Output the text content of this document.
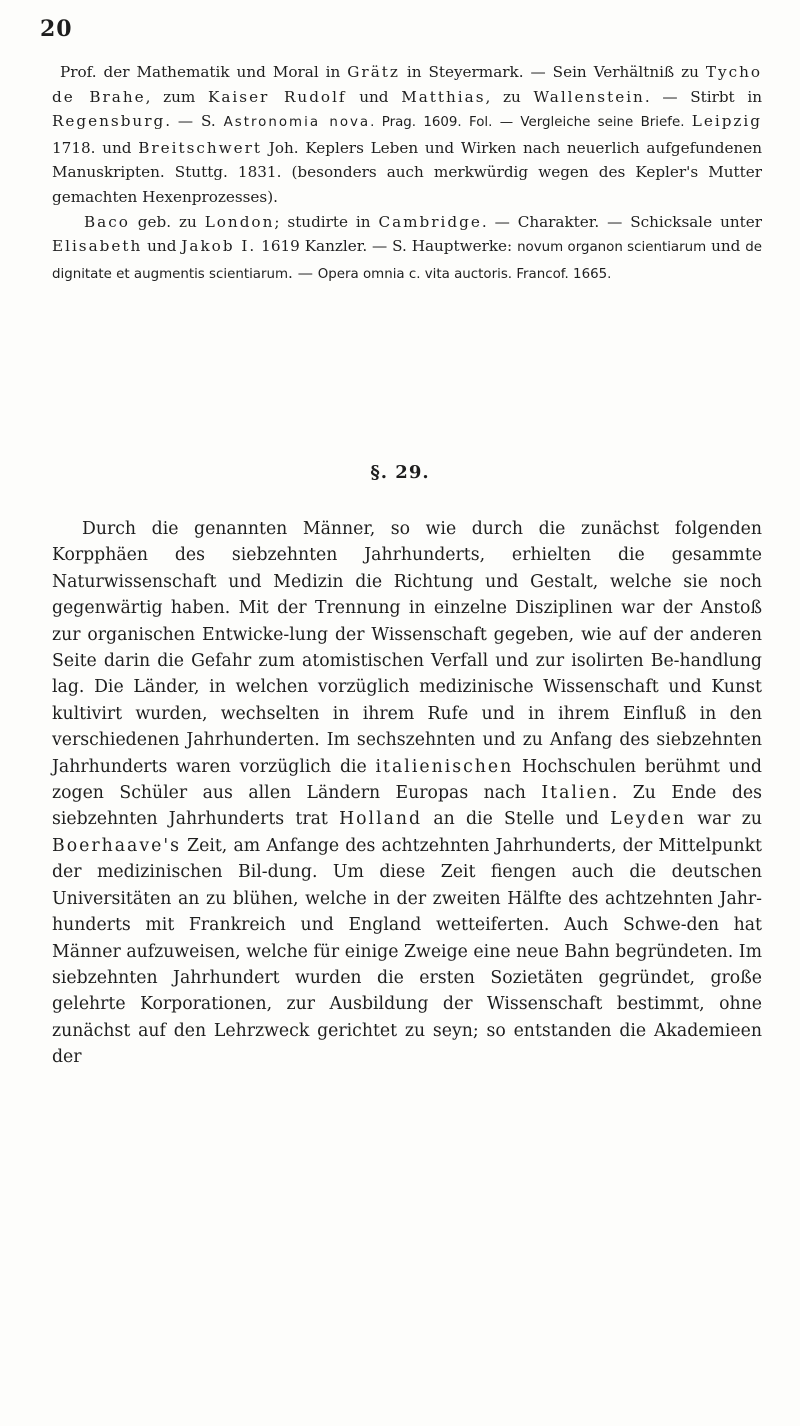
20

Prof. der Mathematik und Moral in Grätz in Steyermark. — Sein Verhältniß zu Tycho de Brahe, zum Kaiser Rudolf und Matthias, zu Wallenstein. — Stirbt in Regensburg. — S. Astronomia nova. Prag. 1609. Fol. — Vergleiche seine Briefe. Leipzig 1718. und Breitschwert Joh. Keplers Leben und Wirken nach neuerlich aufgefundenen Manuskripten. Stuttg. 1831. (besonders auch merkwürdig wegen des Kepler's Mutter gemachten Hexenprozesses).

Baco geb. zu London; studirte in Cambridge. — Charakter. — Schicksale unter Elisabeth und Jakob I. 1619 Kanzler. — S. Hauptwerke: novum organon scientiarum und de dignitate et augmentis scientiarum. — Opera omnia c. vita auctoris. Francof. 1665.

§. 29.

Durch die genannten Männer, so wie durch die zunächst folgenden Korpphäen des siebzehnten Jahrhunderts, erhielten die gesammte Naturwissenschaft und Medizin die Richtung und Gestalt, welche sie noch gegenwärtig haben. Mit der Trennung in einzelne Disziplinen war der Anstoß zur organischen Entwicke-lung der Wissenschaft gegeben, wie auf der anderen Seite darin die Gefahr zum atomistischen Verfall und zur isolirten Be-handlung lag. Die Länder, in welchen vorzüglich medizinische Wissenschaft und Kunst kultivirt wurden, wechselten in ihrem Rufe und in ihrem Einfluß in den verschiedenen Jahrhunderten. Im sechszehnten und zu Anfang des siebzehnten Jahrhunderts waren vorzüglich die italienischen Hochschulen berühmt und zogen Schüler aus allen Ländern Europas nach Italien. Zu Ende des siebzehnten Jahrhunderts trat Holland an die Stelle und Leyden war zu Boerhaave's Zeit, am Anfange des achtzehnten Jahrhunderts, der Mittelpunkt der medizinischen Bil-dung. Um diese Zeit fiengen auch die deutschen Universitäten an zu blühen, welche in der zweiten Hälfte des achtzehnten Jahr-hunderts mit Frankreich und England wetteiferten. Auch Schwe-den hat Männer aufzuweisen, welche für einige Zweige eine neue Bahn begründeten. Im siebzehnten Jahrhundert wurden die ersten Sozietäten gegründet, große gelehrte Korporationen, zur Ausbildung der Wissenschaft bestimmt, ohne zunächst auf den Lehrzweck gerichtet zu seyn; so entstanden die Akademieen der
